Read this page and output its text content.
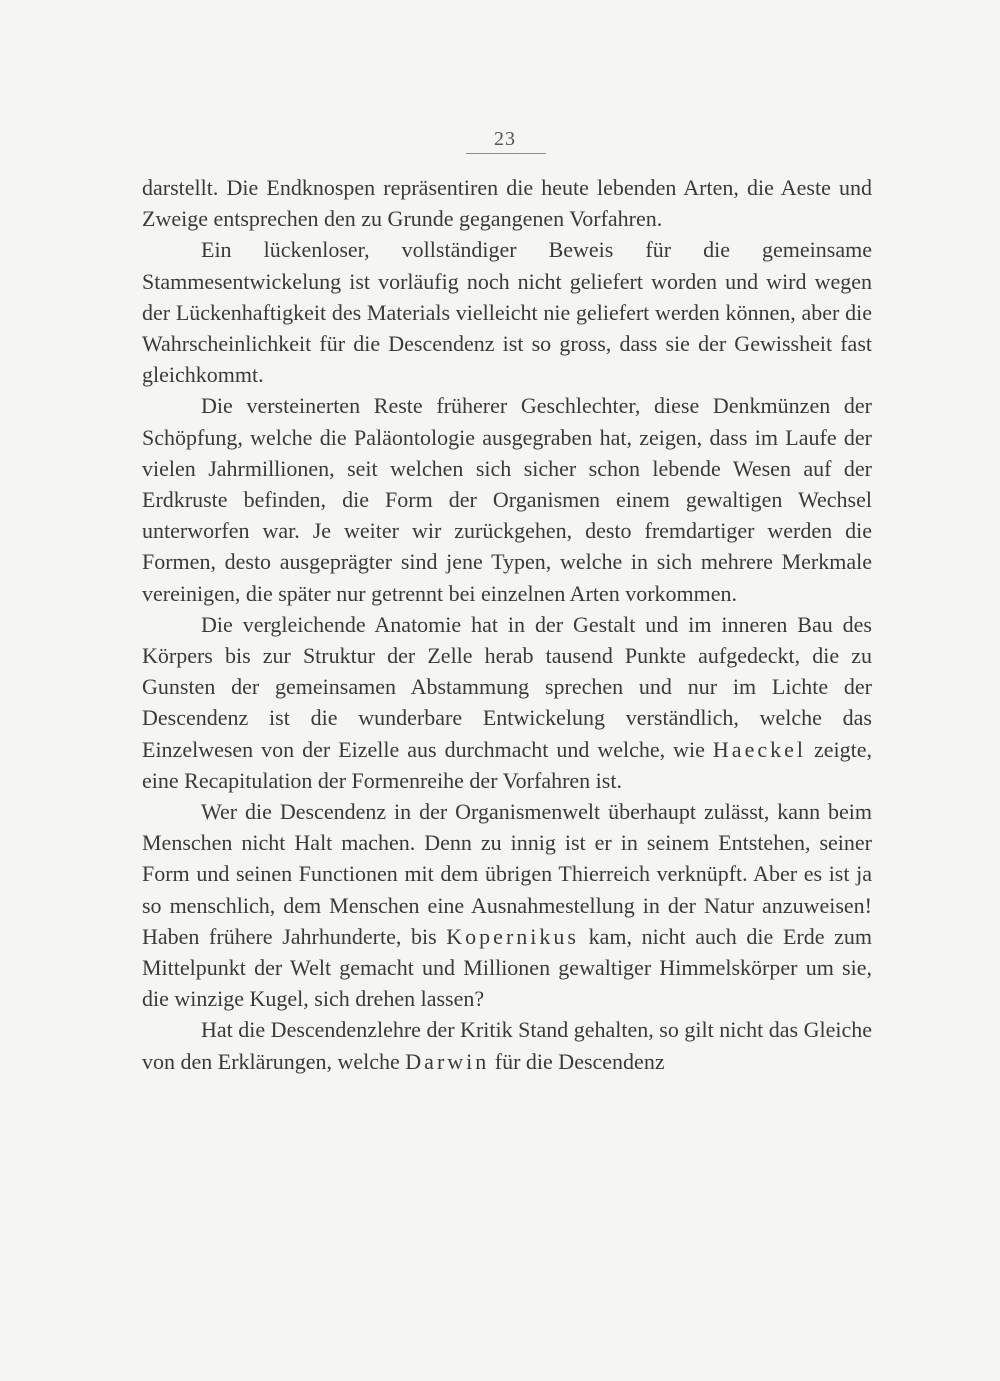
23

darstellt. Die Endknospen repräsentiren die heute lebenden Arten, die Aeste und Zweige entsprechen den zu Grunde gegangenen Vorfahren.

Ein lückenloser, vollständiger Beweis für die gemeinsame Stammesentwickelung ist vorläufig noch nicht geliefert worden und wird wegen der Lückenhaftigkeit des Materials vielleicht nie geliefert werden können, aber die Wahrscheinlichkeit für die Descendenz ist so gross, dass sie der Gewissheit fast gleichkommt.

Die versteinerten Reste früherer Geschlechter, diese Denkmünzen der Schöpfung, welche die Paläontologie ausgegraben hat, zeigen, dass im Laufe der vielen Jahrmillionen, seit welchen sich sicher schon lebende Wesen auf der Erdkruste befinden, die Form der Organismen einem gewaltigen Wechsel unterworfen war. Je weiter wir zurückgehen, desto fremdartiger werden die Formen, desto ausgeprägter sind jene Typen, welche in sich mehrere Merkmale vereinigen, die später nur getrennt bei einzelnen Arten vorkommen.

Die vergleichende Anatomie hat in der Gestalt und im inneren Bau des Körpers bis zur Struktur der Zelle herab tausend Punkte aufgedeckt, die zu Gunsten der gemeinsamen Abstammung sprechen und nur im Lichte der Descendenz ist die wunderbare Entwickelung verständlich, welche das Einzelwesen von der Eizelle aus durchmacht und welche, wie Haeckel zeigte, eine Recapitulation der Formenreihe der Vorfahren ist.

Wer die Descendenz in der Organismenwelt überhaupt zulässt, kann beim Menschen nicht Halt machen. Denn zu innig ist er in seinem Entstehen, seiner Form und seinen Functionen mit dem übrigen Thierreich verknüpft. Aber es ist ja so menschlich, dem Menschen eine Ausnahmestellung in der Natur anzuweisen! Haben frühere Jahrhunderte, bis Kopernikus kam, nicht auch die Erde zum Mittelpunkt der Welt gemacht und Millionen gewaltiger Himmelskörper um sie, die winzige Kugel, sich drehen lassen?

Hat die Descendenzlehre der Kritik Stand gehalten, so gilt nicht das Gleiche von den Erklärungen, welche Darwin für die Descendenz
